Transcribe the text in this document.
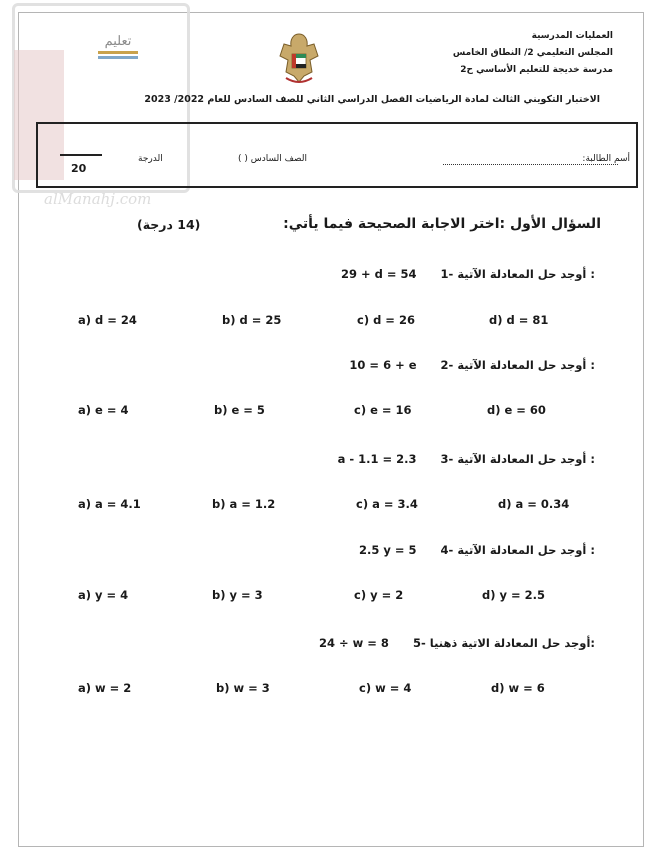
تعليم
alManahj.com
العمليات المدرسية
المجلس التعليمي 2/ النطاق الخامس
مدرسة خديجة للتعليم الأساسي ح2
الاختبار التكويني الثالث لمادة الرياضيات الفصل الدراسي الثاني للصف السادس للعام 2022/ 2023
أسم الطالبة:
الصف السادس ( )
الدرجة
20
السؤال الأول :اختر الاجابة الصحيحة فيما يأتي:
(14 درجة)
29 + d = 54 1- أوجد حل المعادلة الآتية :
a) d = 24	b) d = 25	c) d = 26	d) d = 81
10 = 6 + e 2- أوجد حل المعادلة الآتية :
a) e = 4	b) e = 5	c) e = 16	d) e = 60
a - 1.1 = 2.3 3- أوجد حل المعادلة الآتية :
a) a = 4.1	b) a = 1.2	c) a = 3.4	d) a = 0.34
2.5 y = 5 4- أوجد حل المعادلة الآتية :
a) y = 4	b) y = 3	c) y = 2	d) y = 2.5
24 ÷ w = 8 5- أوجد حل المعادلة الاتية ذهنيا:
a) w = 2	b) w = 3	c) w = 4	d) w = 6
